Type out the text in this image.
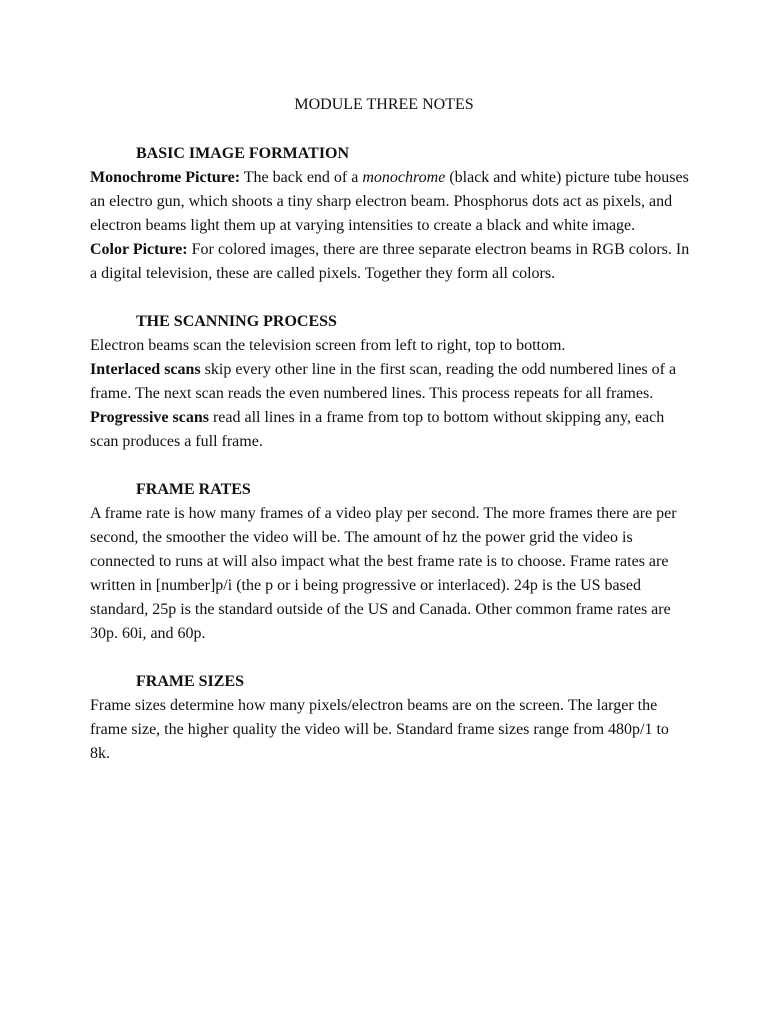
MODULE THREE NOTES

BASIC IMAGE FORMATION

Monochrome Picture: The back end of a monochrome (black and white) picture tube houses an electro gun, which shoots a tiny sharp electron beam. Phosphorus dots act as pixels, and electron beams light them up at varying intensities to create a black and white image.

Color Picture: For colored images, there are three separate electron beams in RGB colors. In a digital television, these are called pixels. Together they form all colors.

THE SCANNING PROCESS

Electron beams scan the television screen from left to right, top to bottom.

Interlaced scans skip every other line in the first scan, reading the odd numbered lines of a frame. The next scan reads the even numbered lines. This process repeats for all frames.

Progressive scans read all lines in a frame from top to bottom without skipping any, each scan produces a full frame.

FRAME RATES

A frame rate is how many frames of a video play per second. The more frames there are per second, the smoother the video will be. The amount of hz the power grid the video is connected to runs at will also impact what the best frame rate is to choose. Frame rates are written in [number]p/i (the p or i being progressive or interlaced). 24p is the US based standard, 25p is the standard outside of the US and Canada. Other common frame rates are 30p. 60i, and 60p.

FRAME SIZES

Frame sizes determine how many pixels/electron beams are on the screen. The larger the frame size, the higher quality the video will be. Standard frame sizes range from 480p/1 to 8k.
